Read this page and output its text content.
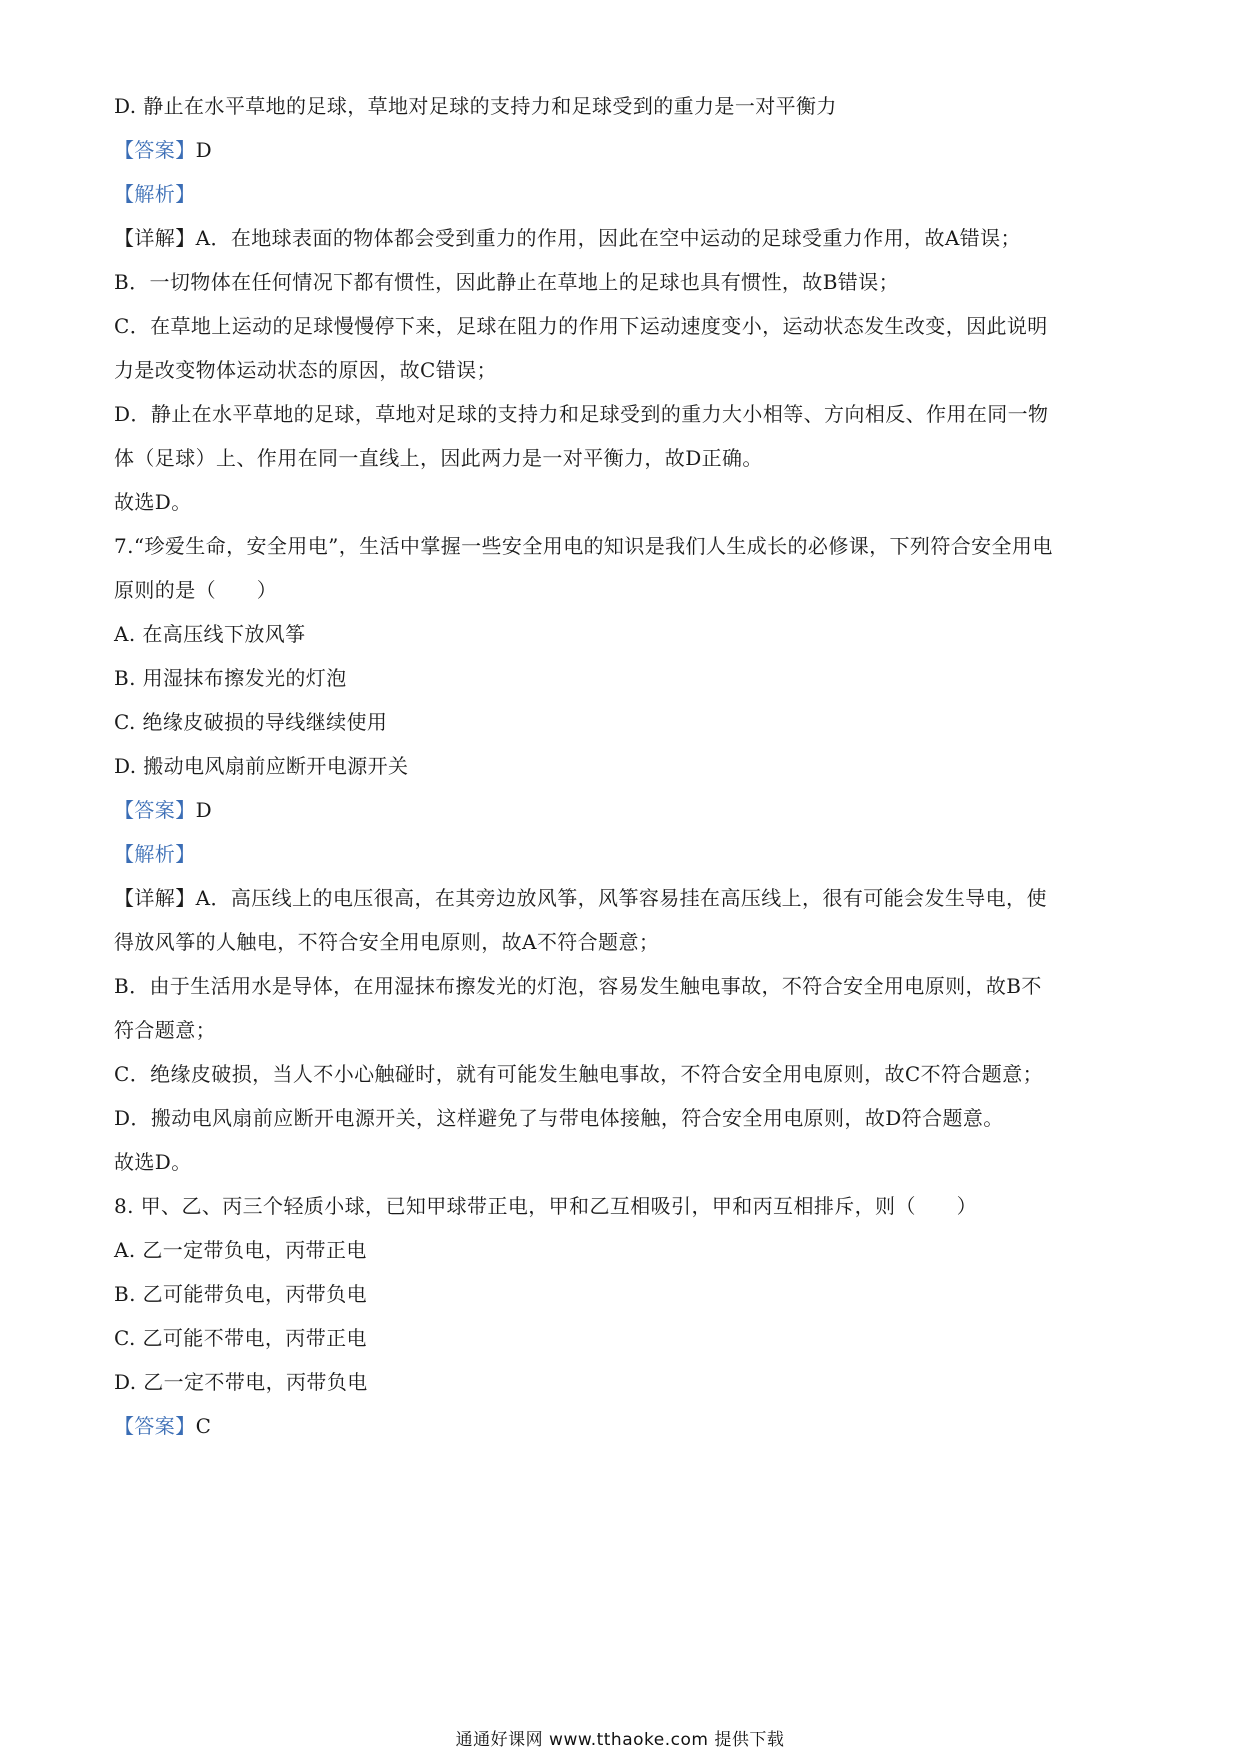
D. 静止在水平草地的足球，草地对足球的支持力和足球受到的重力是一对平衡力
【答案】D
【解析】
【详解】A．在地球表面的物体都会受到重力的作用，因此在空中运动的足球受重力作用，故A错误；
B．一切物体在任何情况下都有惯性，因此静止在草地上的足球也具有惯性，故B错误；
C．在草地上运动的足球慢慢停下来，足球在阻力的作用下运动速度变小，运动状态发生改变，因此说明
力是改变物体运动状态的原因，故C错误；
D．静止在水平草地的足球，草地对足球的支持力和足球受到的重力大小相等、方向相反、作用在同一物
体（足球）上、作用在同一直线上，因此两力是一对平衡力，故D正确。
故选D。
7.“珍爱生命，安全用电”，生活中掌握一些安全用电的知识是我们人生成长的必修课，下列符合安全用电
原则的是（　　）
A. 在高压线下放风筝
B. 用湿抹布擦发光的灯泡
C. 绝缘皮破损的导线继续使用
D. 搬动电风扇前应断开电源开关
【答案】D
【解析】
【详解】A．高压线上的电压很高，在其旁边放风筝，风筝容易挂在高压线上，很有可能会发生导电，使
得放风筝的人触电，不符合安全用电原则，故A不符合题意；
B．由于生活用水是导体，在用湿抹布擦发光的灯泡，容易发生触电事故，不符合安全用电原则，故B不
符合题意；
C．绝缘皮破损，当人不小心触碰时，就有可能发生触电事故，不符合安全用电原则，故C不符合题意；
D．搬动电风扇前应断开电源开关，这样避免了与带电体接触，符合安全用电原则，故D符合题意。
故选D。
8. 甲、乙、丙三个轻质小球，已知甲球带正电，甲和乙互相吸引，甲和丙互相排斥，则（　　）
A. 乙一定带负电，丙带正电
B. 乙可能带负电，丙带负电
C. 乙可能不带电，丙带正电
D. 乙一定不带电，丙带负电
【答案】C
通通好课网 www.tthaoke.com 提供下载
